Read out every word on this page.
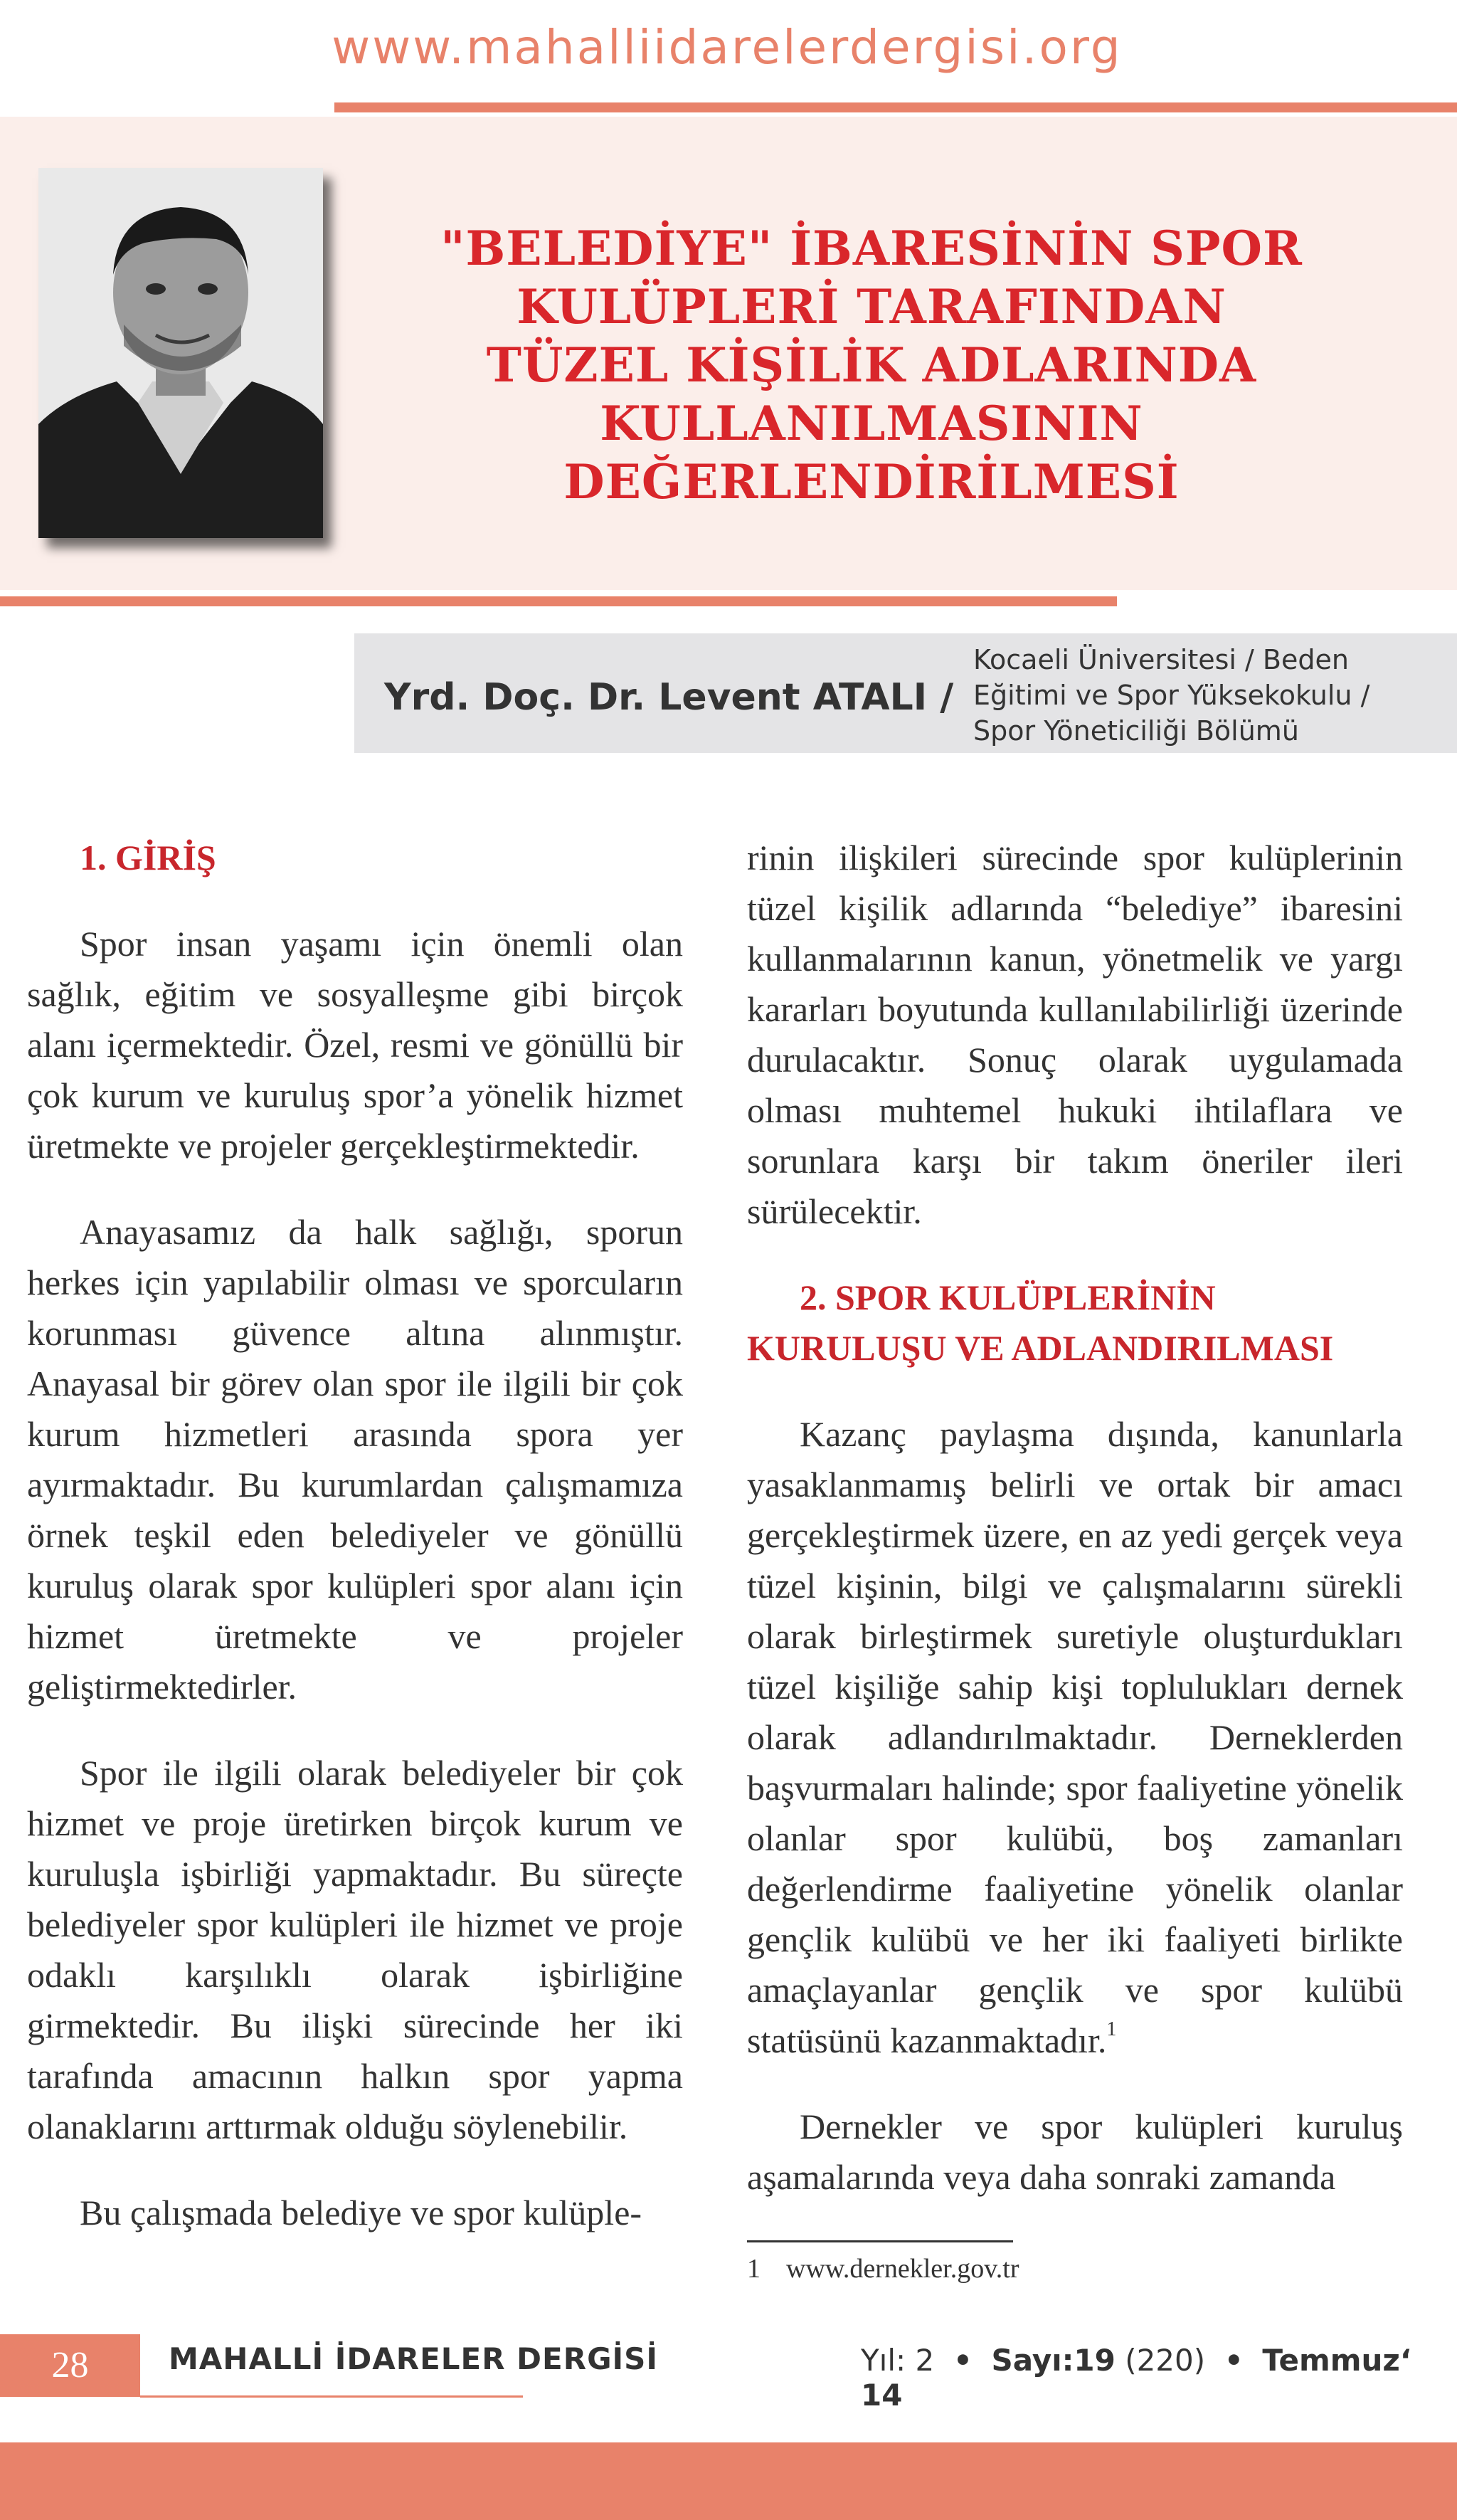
www.mahalliidarelerdergisi.org
"BELEDİYE" İBARESİNİN SPOR
KULÜPLERİ TARAFINDAN
TÜZEL KİŞİLİK ADLARINDA
KULLANILMASININ
DEĞERLENDİRİLMESİ
Yrd. Doç. Dr. Levent ATALI /
Kocaeli Üniversitesi / Beden
Eğitimi ve Spor Yüksekokulu /
Spor Yöneticiliği Bölümü

1. GİRİŞ

Spor insan yaşamı için önemli olan sağlık, eğitim ve sosyalleşme gibi birçok alanı içermektedir. Özel, resmi ve gönüllü bir çok kurum ve kuruluş spor’a yönelik hizmet üretmekte ve projeler gerçekleştirmektedir.

Anayasamız da halk sağlığı, sporun herkes için yapılabilir olması ve sporcuların korunması güvence altına alınmıştır. Anayasal bir görev olan spor ile ilgili bir çok kurum hizmetleri arasında spora yer ayırmaktadır. Bu kurumlardan çalışmamıza örnek teşkil eden belediyeler ve gönüllü kuruluş olarak spor kulüpleri spor alanı için hizmet üretmekte ve projeler geliştirmektedirler.

Spor ile ilgili olarak belediyeler bir çok hizmet ve proje üretirken birçok kurum ve kuruluşla işbirliği yapmaktadır. Bu süreçte belediyeler spor kulüpleri ile hizmet ve proje odaklı karşılıklı olarak işbirliğine girmektedir. Bu ilişki sürecinde her iki tarafında amacının halkın spor yapma olanaklarını arttırmak olduğu söylenebilir.

Bu çalışmada belediye ve spor kulüple-

rinin ilişkileri sürecinde spor kulüplerinin tüzel kişilik adlarında “belediye” ibaresini kullanmalarının kanun, yönetmelik ve yargı kararları boyutunda kullanılabilirliği üzerinde durulacaktır. Sonuç olarak uygulamada olması muhtemel hukuki ihtilaflara ve sorunlara karşı bir takım öneriler ileri sürülecektir.

2. SPOR KULÜPLERİNİN

KURULUŞU VE ADLANDIRILMASI

Kazanç paylaşma dışında, kanunlarla yasaklanmamış belirli ve ortak bir amacı gerçekleştirmek üzere, en az yedi gerçek veya tüzel kişinin, bilgi ve çalışmalarını sürekli olarak birleştirmek suretiyle oluşturdukları tüzel kişiliğe sahip kişi toplulukları dernek olarak adlandırılmaktadır. Derneklerden başvurmaları halinde; spor faaliyetine yönelik olanlar spor kulübü, boş zamanları değerlendirme faaliyetine yönelik olanlar gençlik kulübü ve her iki faaliyeti birlikte amaçlayanlar gençlik ve spor kulübü statüsünü kazanmaktadır.$^1$

Dernekler ve spor kulüpleri kuruluş aşamalarında veya daha sonraki zamanda

1 www.dernekler.gov.tr
28	MAHALLİ İDARELER DERGİSİ	Yıl: 2 • Sayı:19 (220) • Temmuz‘ 14
